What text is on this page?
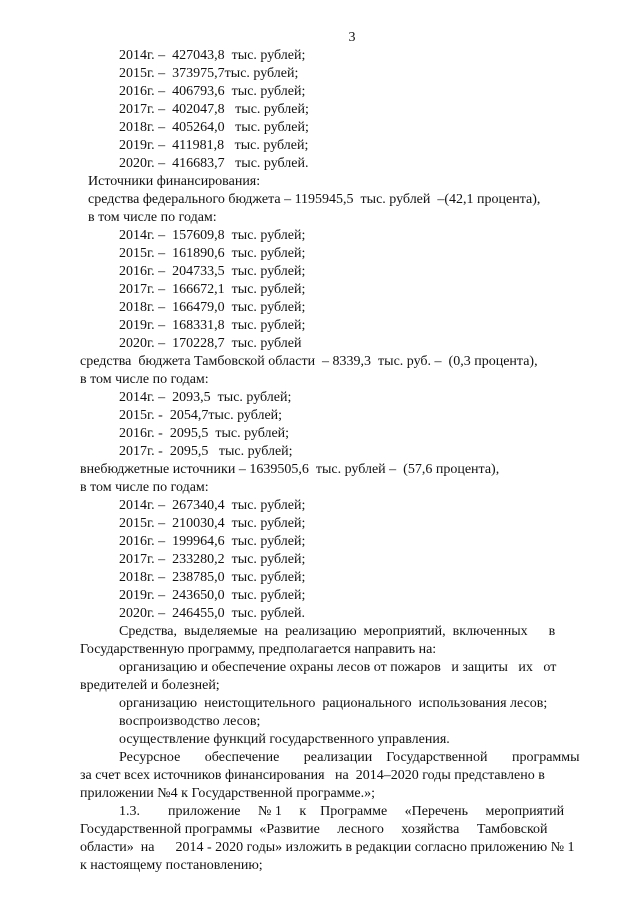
3
2014г. –  427043,8  тыс. рублей;
2015г. –  373975,7тыс. рублей;
2016г. –  406793,6  тыс. рублей;
2017г. –  402047,8   тыс. рублей;
2018г. –  405264,0   тыс. рублей;
2019г. –  411981,8   тыс. рублей;
2020г. –  416683,7   тыс. рублей.
Источники финансирования:
средства федерального бюджета – 1195945,5  тыс. рублей  –(42,1 процента),
в том числе по годам:
2014г. –  157609,8  тыс. рублей;
2015г. –  161890,6  тыс. рублей;
2016г. –  204733,5  тыс. рублей;
2017г. –  166672,1  тыс. рублей;
2018г. –  166479,0  тыс. рублей;
2019г. –  168331,8  тыс. рублей;
2020г. –  170228,7  тыс. рублей
средства  бюджета Тамбовской области  – 8339,3  тыс. руб. –  (0,3 процента),
в том числе по годам:
2014г. –  2093,5  тыс. рублей;
2015г. -  2054,7тыс. рублей;
2016г. -  2095,5  тыс. рублей;
2017г. -  2095,5   тыс. рублей;
внебюджетные источники – 1639505,6  тыс. рублей –  (57,6 процента),
в том числе по годам:
2014г. –  267340,4  тыс. рублей;
2015г. –  210030,4  тыс. рублей;
2016г. –  199964,6  тыс. рублей;
2017г. –  233280,2  тыс. рублей;
2018г. –  238785,0  тыс. рублей;
2019г. –  243650,0  тыс. рублей;
2020г. –  246455,0  тыс. рублей.
Средства,  выделяемые  на  реализацию  мероприятий,  включенных      в
Государственную программу, предполагается направить на:
организацию и обеспечение охраны лесов от пожаров   и защиты   их   от
вредителей и болезней;
организацию  неистощительного  рационального  использования лесов;
воспроизводство лесов;
осуществление функций государственного управления.
Ресурсное       обеспечение       реализации    Государственной       программы
за счет всех источников финансирования   на  2014–2020 годы представлено в
приложении №4 к Государственной программе.»;
1.3.        приложение     № 1     к    Программе     «Перечень     мероприятий
Государственной программы  «Развитие     лесного     хозяйства     Тамбовской
области»  на      2014 - 2020 годы» изложить в редакции согласно приложению № 1
к настоящему постановлению;
